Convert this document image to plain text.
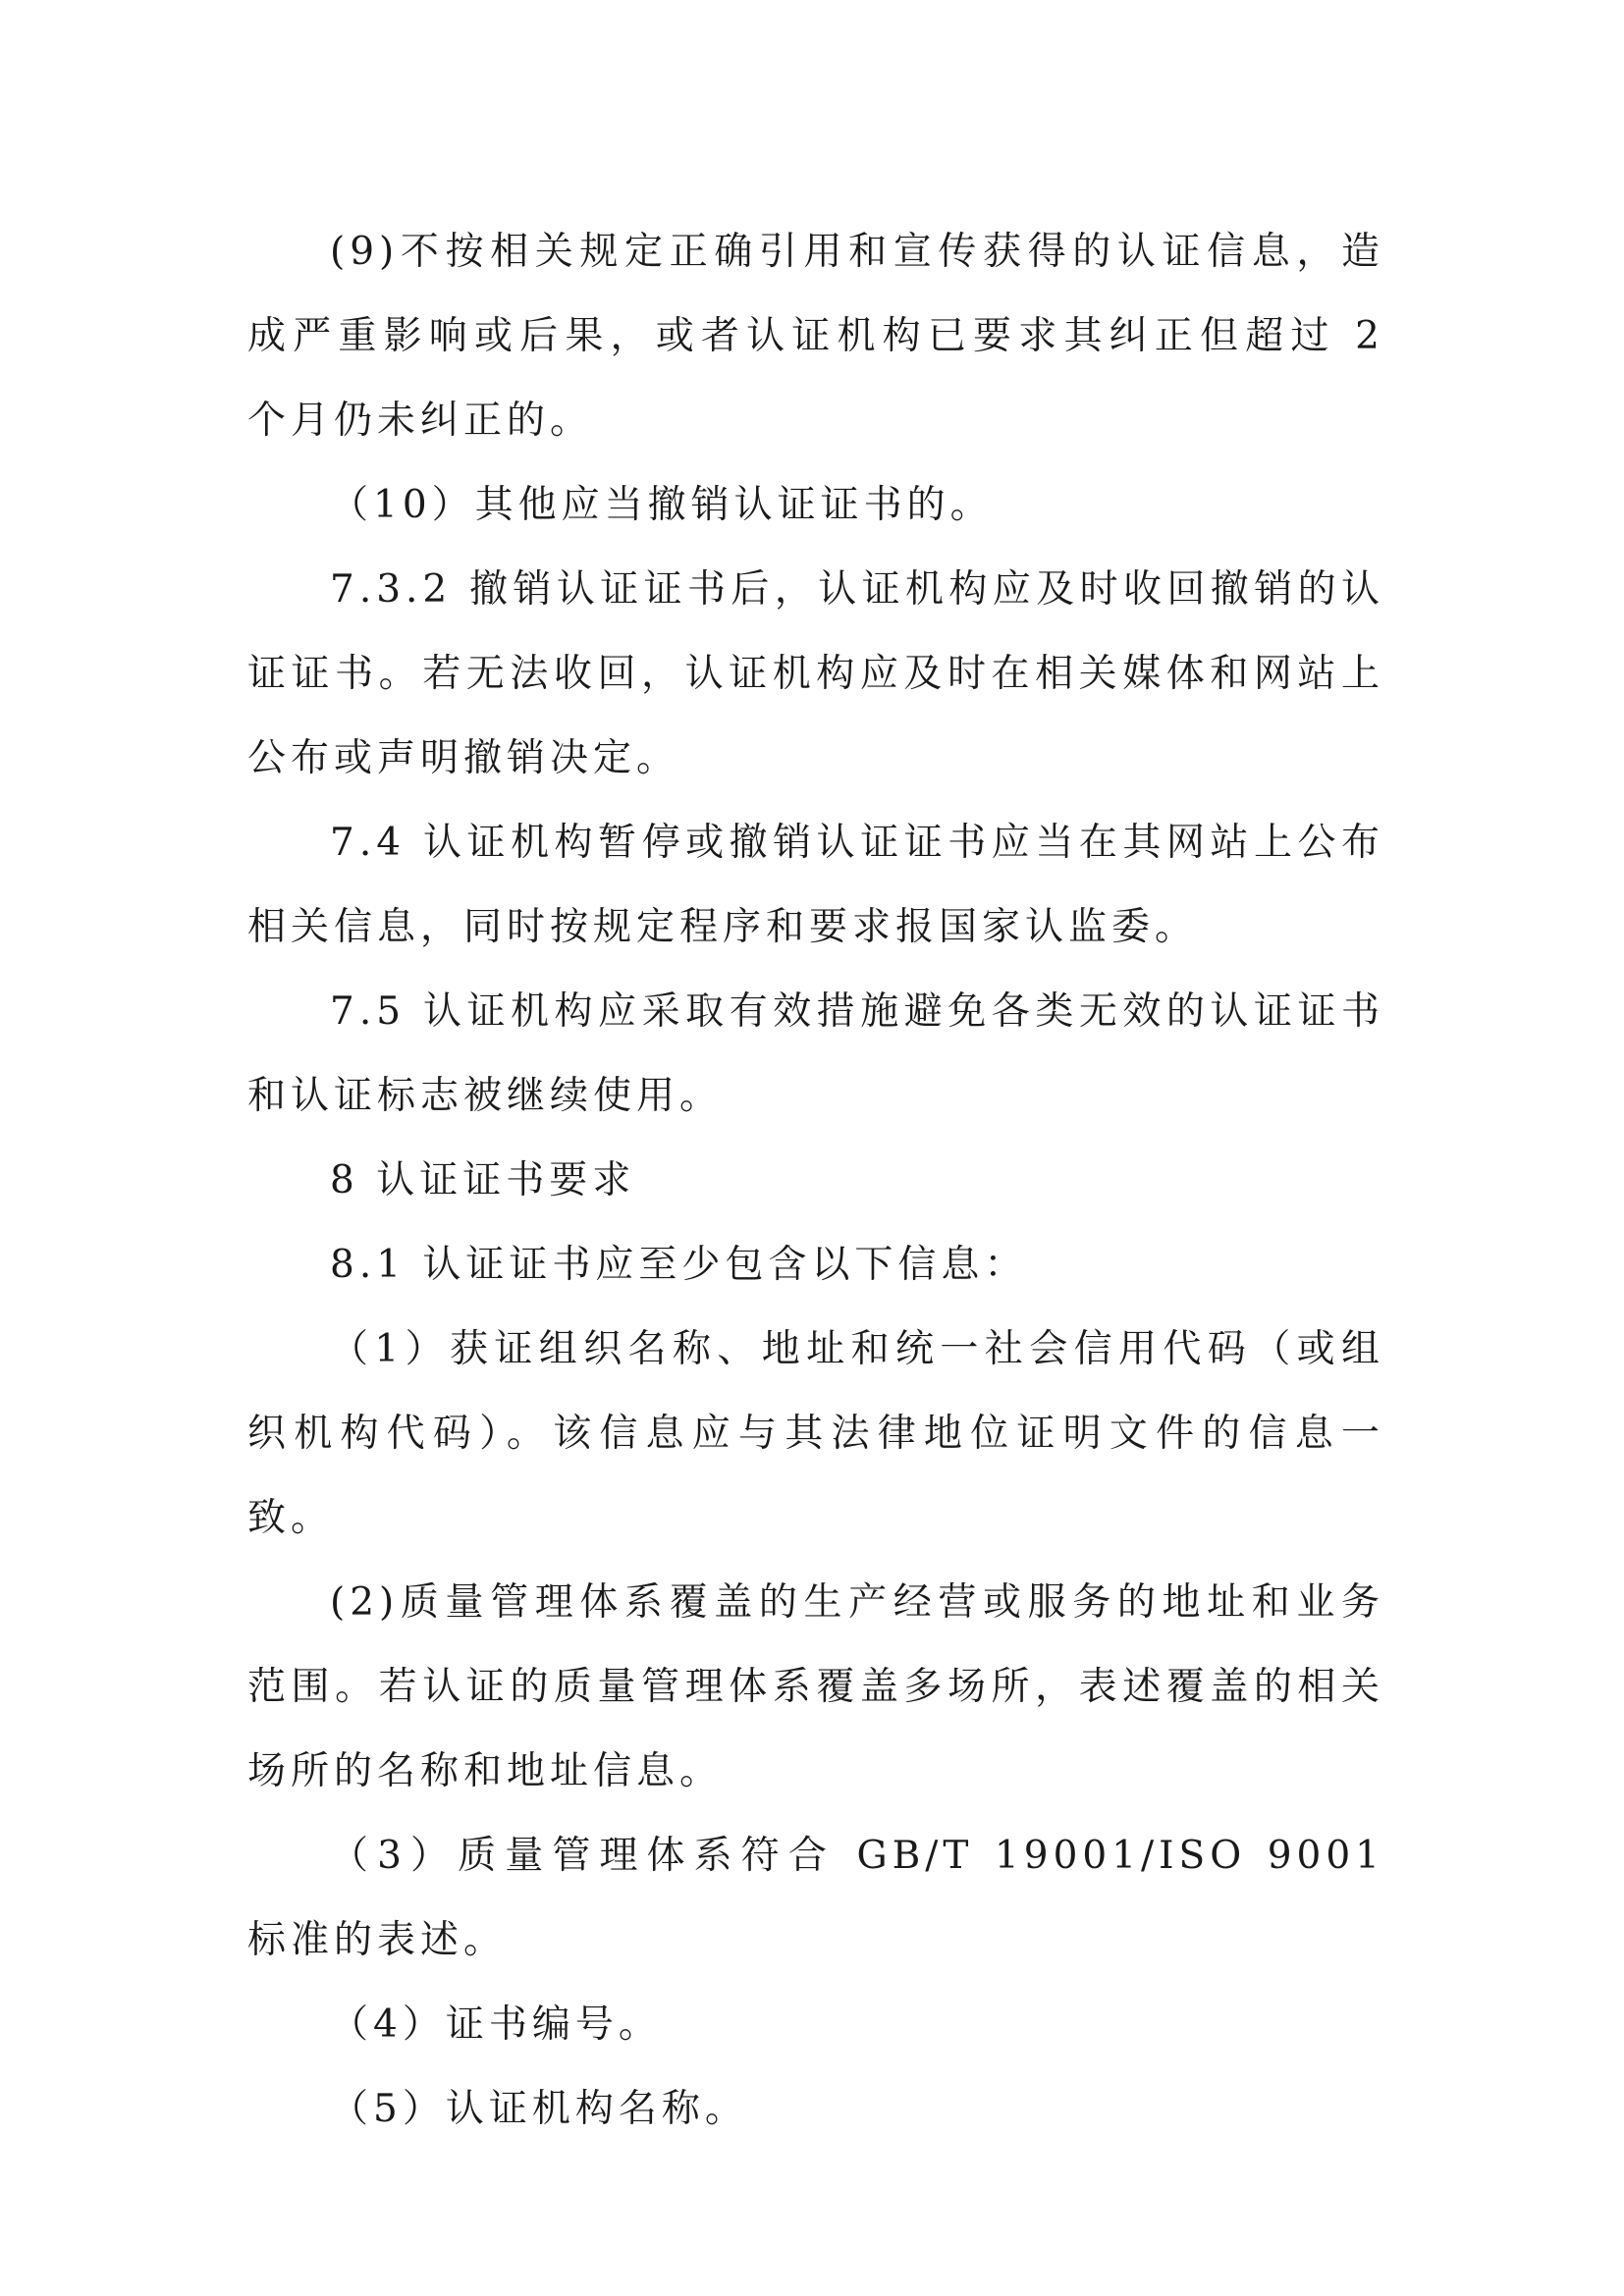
(9)不按相关规定正确引用和宣传获得的认证信息，造成严重影响或后果，或者认证机构已要求其纠正但超过 2 个月仍未纠正的。

（10）其他应当撤销认证证书的。

7.3.2 撤销认证证书后，认证机构应及时收回撤销的认证证书。若无法收回，认证机构应及时在相关媒体和网站上公布或声明撤销决定。

7.4 认证机构暂停或撤销认证证书应当在其网站上公布相关信息，同时按规定程序和要求报国家认监委。

7.5 认证机构应采取有效措施避免各类无效的认证证书和认证标志被继续使用。

8 认证证书要求

8.1 认证证书应至少包含以下信息：

（1）获证组织名称、地址和统一社会信用代码（或组织机构代码）。该信息应与其法律地位证明文件的信息一致。

(2)质量管理体系覆盖的生产经营或服务的地址和业务范围。若认证的质量管理体系覆盖多场所，表述覆盖的相关场所的名称和地址信息。

（3）质量管理体系符合 GB/T 19001/ISO 9001 标准的表述。

（4）证书编号。

（5）认证机构名称。
